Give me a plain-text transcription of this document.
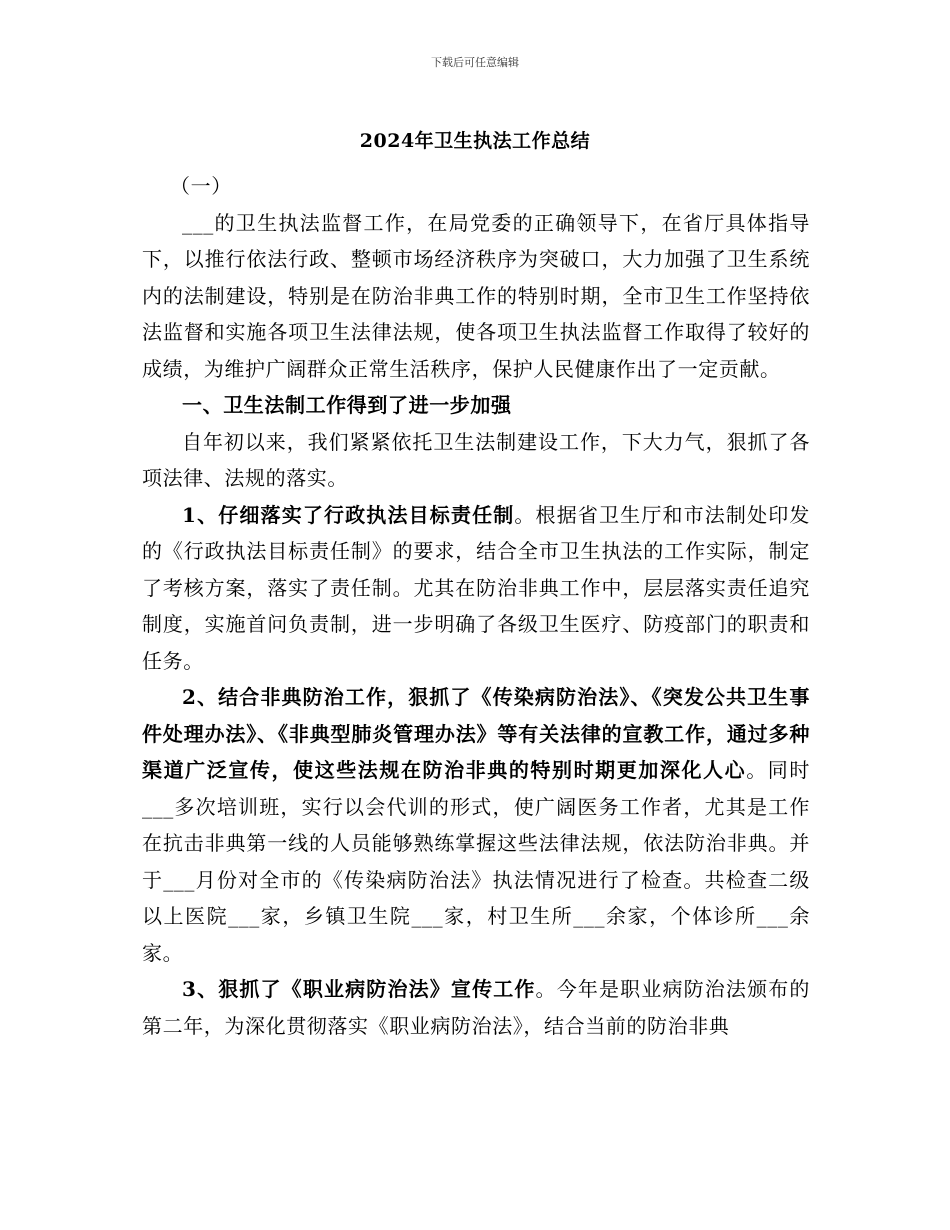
下载后可任意编辑
2024年卫生执法工作总结

（一）

___的卫生执法监督工作，在局党委的正确领导下，在省厅具体指导下，以推行依法行政、整顿市场经济秩序为突破口，大力加强了卫生系统内的法制建设，特别是在防治非典工作的特别时期，全市卫生工作坚持依法监督和实施各项卫生法律法规，使各项卫生执法监督工作取得了较好的成绩，为维护广阔群众正常生活秩序，保护人民健康作出了一定贡献。

一、卫生法制工作得到了进一步加强

自年初以来，我们紧紧依托卫生法制建设工作，下大力气，狠抓了各项法律、法规的落实。

1、仔细落实了行政执法目标责任制。根据省卫生厅和市法制处印发的《行政执法目标责任制》的要求，结合全市卫生执法的工作实际，制定了考核方案，落实了责任制。尤其在防治非典工作中，层层落实责任追究制度，实施首问负责制，进一步明确了各级卫生医疗、防疫部门的职责和任务。

2、结合非典防治工作，狠抓了《传染病防治法》、《突发公共卫生事件处理办法》、《非典型肺炎管理办法》等有关法律的宣教工作，通过多种渠道广泛宣传，使这些法规在防治非典的特别时期更加深化人心。同时___多次培训班，实行以会代训的形式，使广阔医务工作者，尤其是工作在抗击非典第一线的人员能够熟练掌握这些法律法规，依法防治非典。并于___月份对全市的《传染病防治法》执法情况进行了检查。共检查二级以上医院___家，乡镇卫生院___家，村卫生所___余家，个体诊所___余家。

3、狠抓了《职业病防治法》宣传工作。今年是职业病防治法颁布的第二年，为深化贯彻落实《职业病防治法》，结合当前的防治非典
